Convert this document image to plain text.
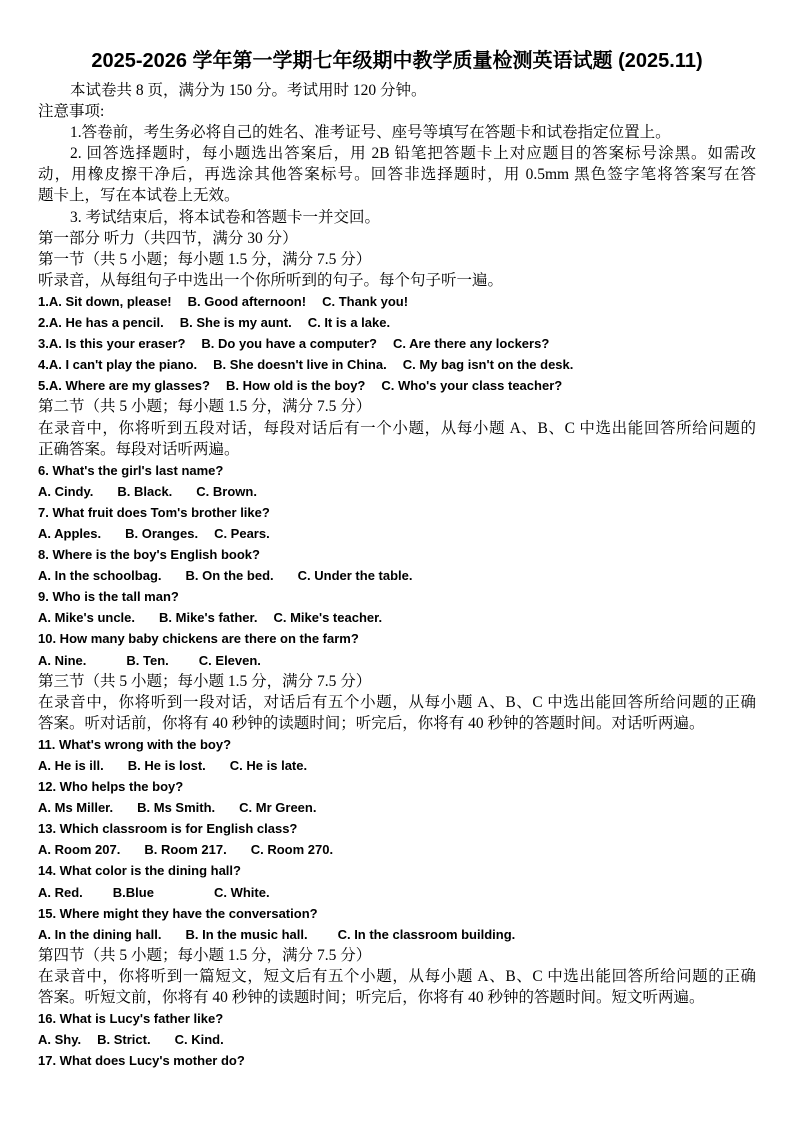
2025-2026 学年第一学期七年级期中教学质量检测英语试题 (2025.11)
本试卷共 8 页，满分为 150 分。考试用时 120 分钟。
注意事项:
1.答卷前，考生务必将自己的姓名、准考证号、座号等填写在答题卡和试卷指定位置上。
2. 回答选择题时，每小题选出答案后，用 2B 铅笔把答题卡上对应题目的答案标号涂黑。如需改
动，用橡皮擦干净后，再选涂其他答案标号。回答非选择题时，用 0.5mm 黑色签字笔将答案写在答
题卡上，写在本试卷上无效。
3. 考试结束后，将本试卷和答题卡一并交回。
第一部分 听力（共四节，满分 30 分）
第一节（共 5 小题；每小题 1.5 分，满分 7.5 分）
听录音，从每组句子中选出一个你所听到的句子。每个句子听一遍。
1.A. Sit down, please! B. Good afternoon! C. Thank you!
2.A. He has a pencil. B. She is my aunt. C. It is a lake.
3.A. Is this your eraser? B. Do you have a computer? C. Are there any lockers?
4.A. I can't play the piano. B. She doesn't live in China. C. My bag isn't on the desk.
5.A. Where are my glasses? B. How old is the boy? C. Who's your class teacher?
第二节（共 5 小题；每小题 1.5 分，满分 7.5 分）
在录音中，你将听到五段对话，每段对话后有一个小题，从每小题 A、B、C 中选出能回答所给问题的
正确答案。每段对话听两遍。
6. What's the girl's last name?
A. Cindy. B. Black. C. Brown.
7. What fruit does Tom's brother like?
A. Apples. B. Oranges. C. Pears.
8. Where is the boy's English book?
A. In the schoolbag. B. On the bed. C. Under the table.
9. Who is the tall man?
A. Mike's uncle. B. Mike's father. C. Mike's teacher.
10. How many baby chickens are there on the farm?
A. Nine.	B. Ten. C. Eleven.
第三节（共 5 小题；每小题 1.5 分，满分 7.5 分）
在录音中，你将听到一段对话，对话后有五个小题，从每小题 A、B、C 中选出能回答所给问题的正确
答案。听对话前，你将有 40 秒钟的读题时间；听完后，你将有 40 秒钟的答题时间。对话听两遍。
11. What's wrong with the boy?
A. He is ill. B. He is lost. C. He is late.
12. Who helps the boy?
A. Ms Miller. B. Ms Smith. C. Mr Green.
13. Which classroom is for English class?
A. Room 207. B. Room 217. C. Room 270.
14. What color is the dining hall?
A. Red. B.Blue	C. White.
15. Where might they have the conversation?
A. In the dining hall. B. In the music hall. C. In the classroom building.
第四节（共 5 小题；每小题 1.5 分，满分 7.5 分）
在录音中，你将听到一篇短文，短文后有五个小题，从每小题 A、B、C 中选出能回答所给问题的正确
答案。听短文前，你将有 40 秒钟的读题时间；听完后，你将有 40 秒钟的答题时间。短文听两遍。
16. What is Lucy's father like?
A. Shy. B. Strict. C. Kind.
17. What does Lucy's mother do?
